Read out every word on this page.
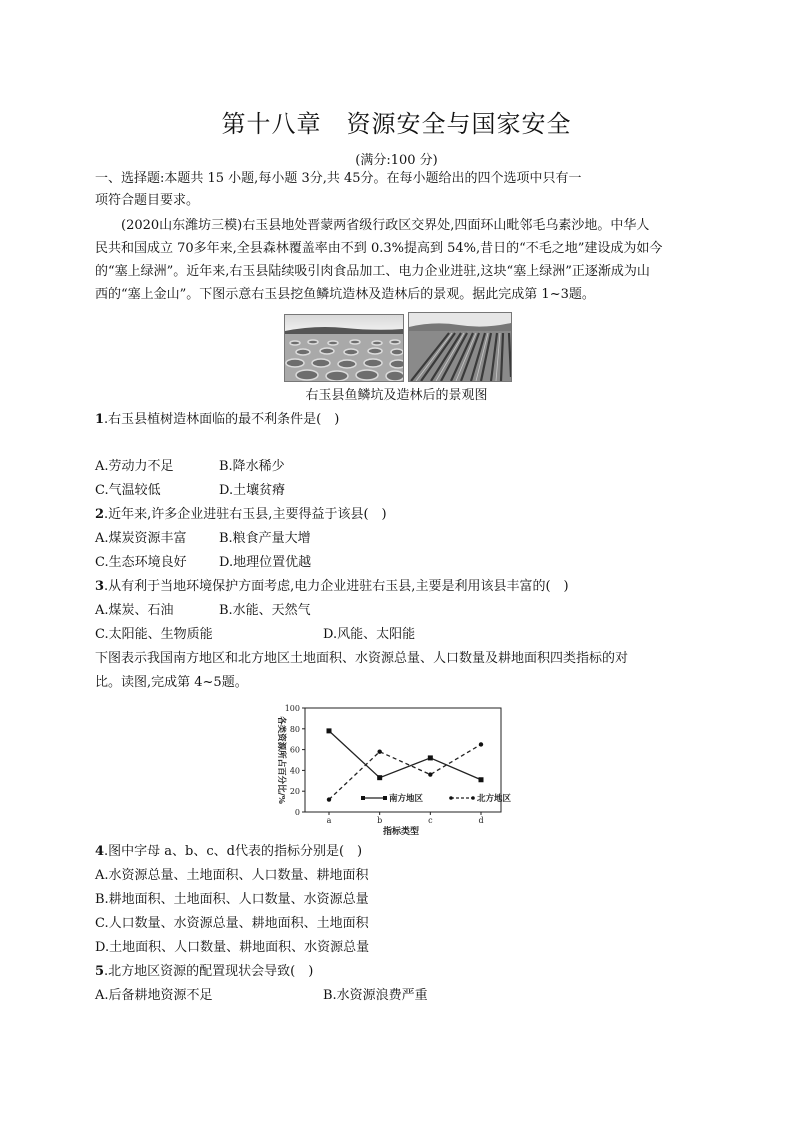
第十八章　资源安全与国家安全
(满分:100 分)
一、选择题:本题共 15 小题,每小题 3分,共 45分。在每小题给出的四个选项中只有一
项符合题目要求。
(2020山东潍坊三模)右玉县地处晋蒙两省级行政区交界处,四面环山毗邻毛乌素沙地。中华人
民共和国成立 70多年来,全县森林覆盖率由不到 0.3%提高到 54%,昔日的“不毛之地”建设成为如今
的“塞上绿洲”。近年来,右玉县陆续吸引肉食品加工、电力企业进驻,这块“塞上绿洲”正逐渐成为山
西的“塞上金山”。下图示意右玉县挖鱼鳞坑造林及造林后的景观。据此完成第 1~3题。
右玉县鱼鳞坑及造林后的景观图
1.右玉县植树造林面临的最不利条件是(　)
A.劳动力不足	B.降水稀少
C.气温较低	D.土壤贫瘠
2.近年来,许多企业进驻右玉县,主要得益于该县(　)
A.煤炭资源丰富 B.粮食产量大增
C.生态环境良好 D.地理位置优越
3.从有利于当地环境保护方面考虑,电力企业进驻右玉县,主要是利用该县丰富的(　)
A.煤炭、石油	B.水能、天然气
C.太阳能、生物质能	D.风能、太阳能
下图表示我国南方地区和北方地区土地面积、水资源总量、人口数量及耕地面积四类指标的对
比。读图,完成第 4~5题。
0
20
40
60
80
100
a	b	c	d
指标类型
各类资源所占百分比/%	南方地区	北方地区
4.图中字母 a、b、c、d代表的指标分别是(　)
A.水资源总量、土地面积、人口数量、耕地面积
B.耕地面积、土地面积、人口数量、水资源总量
C.人口数量、水资源总量、耕地面积、土地面积
D.土地面积、人口数量、耕地面积、水资源总量
5.北方地区资源的配置现状会导致(　)
A.后备耕地资源不足	B.水资源浪费严重
